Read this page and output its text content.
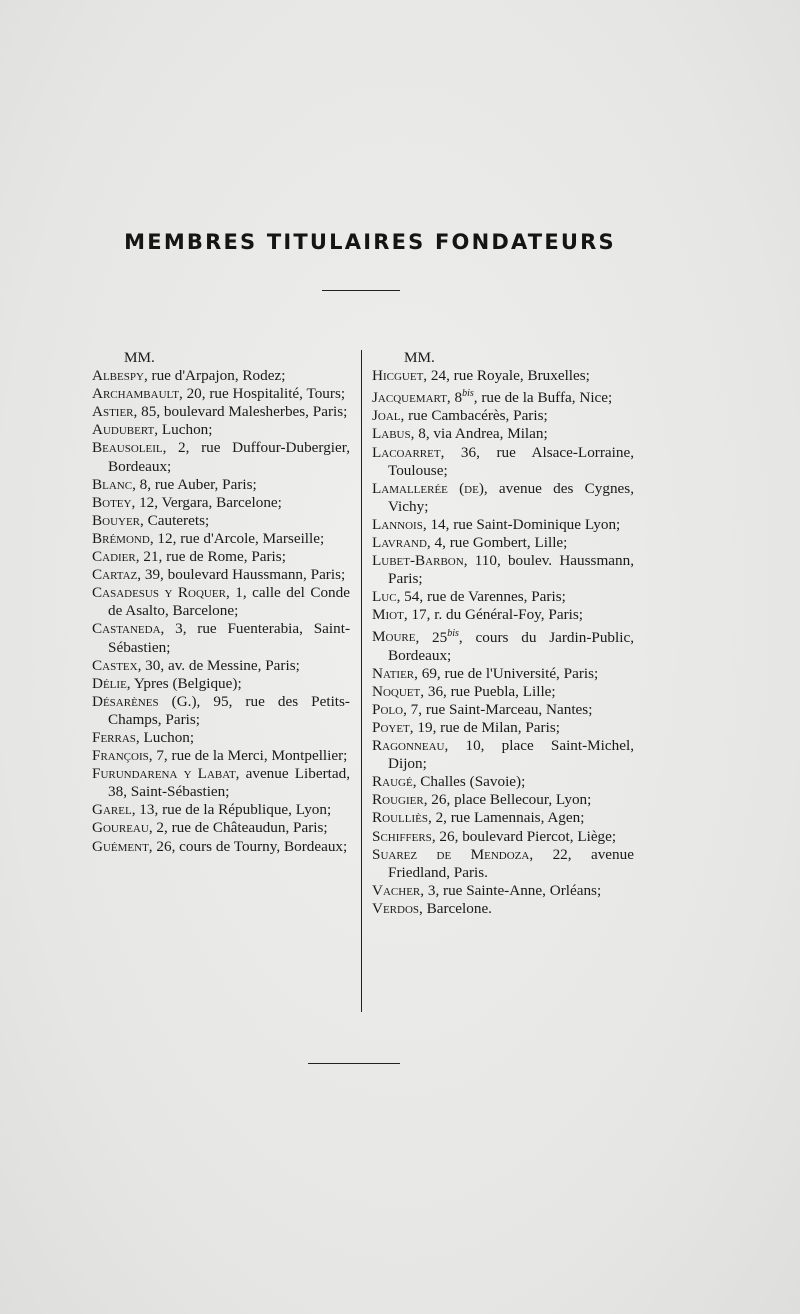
MEMBRES TITULAIRES FONDATEURS

MM.

Albespy, rue d'Arpajon, Rodez;

Archambault, 20, rue Hospitalité, Tours;

Astier, 85, boulevard Malesherbes, Paris;

Audubert, Luchon;

Beausoleil, 2, rue Duffour-Dubergier, Bordeaux;

Blanc, 8, rue Auber, Paris;

Botey, 12, Vergara, Barcelone;

Bouyer, Cauterets;

Brémond, 12, rue d'Arcole, Marseille;

Cadier, 21, rue de Rome, Paris;

Cartaz, 39, boulevard Haussmann, Paris;

Casadesus y Roquer, 1, calle del Conde de Asalto, Barcelone;

Castaneda, 3, rue Fuenterabia, Saint-Sébastien;

Castex, 30, av. de Messine, Paris;

Délie, Ypres (Belgique);

Désarènes (G.), 95, rue des Petits-Champs, Paris;

Ferras, Luchon;

François, 7, rue de la Merci, Montpellier;

Furundarena y Labat, avenue Libertad, 38, Saint-Sébastien;

Garel, 13, rue de la République, Lyon;

Goureau, 2, rue de Châteaudun, Paris;

Guément, 26, cours de Tourny, Bordeaux;

MM.

Hicguet, 24, rue Royale, Bruxelles;

Jacquemart, $8^{bis}$, rue de la Buffa, Nice;

Joal, rue Cambacérès, Paris;

Labus, 8, via Andrea, Milan;

Lacoarret, 36, rue Alsace-Lorraine, Toulouse;

Lamallerée (de), avenue des Cygnes, Vichy;

Lannois, 14, rue Saint-Dominique Lyon;

Lavrand, 4, rue Gombert, Lille;

Lubet-Barbon, 110, boulev. Haussmann, Paris;

Luc, 54, rue de Varennes, Paris;

Miot, 17, r. du Général-Foy, Paris;

Moure, $25^{bis}$, cours du Jardin-Public, Bordeaux;

Natier, 69, rue de l'Université, Paris;

Noquet, 36, rue Puebla, Lille;

Polo, 7, rue Saint-Marceau, Nantes;

Poyet, 19, rue de Milan, Paris;

Ragonneau, 10, place Saint-Michel, Dijon;

Raugé, Challes (Savoie);

Rougier, 26, place Bellecour, Lyon;

Roulliès, 2, rue Lamennais, Agen;

Schiffers, 26, boulevard Piercot, Liège;

Suarez de Mendoza, 22, avenue Friedland, Paris.

Vacher, 3, rue Sainte-Anne, Orléans;

Verdos, Barcelone.
